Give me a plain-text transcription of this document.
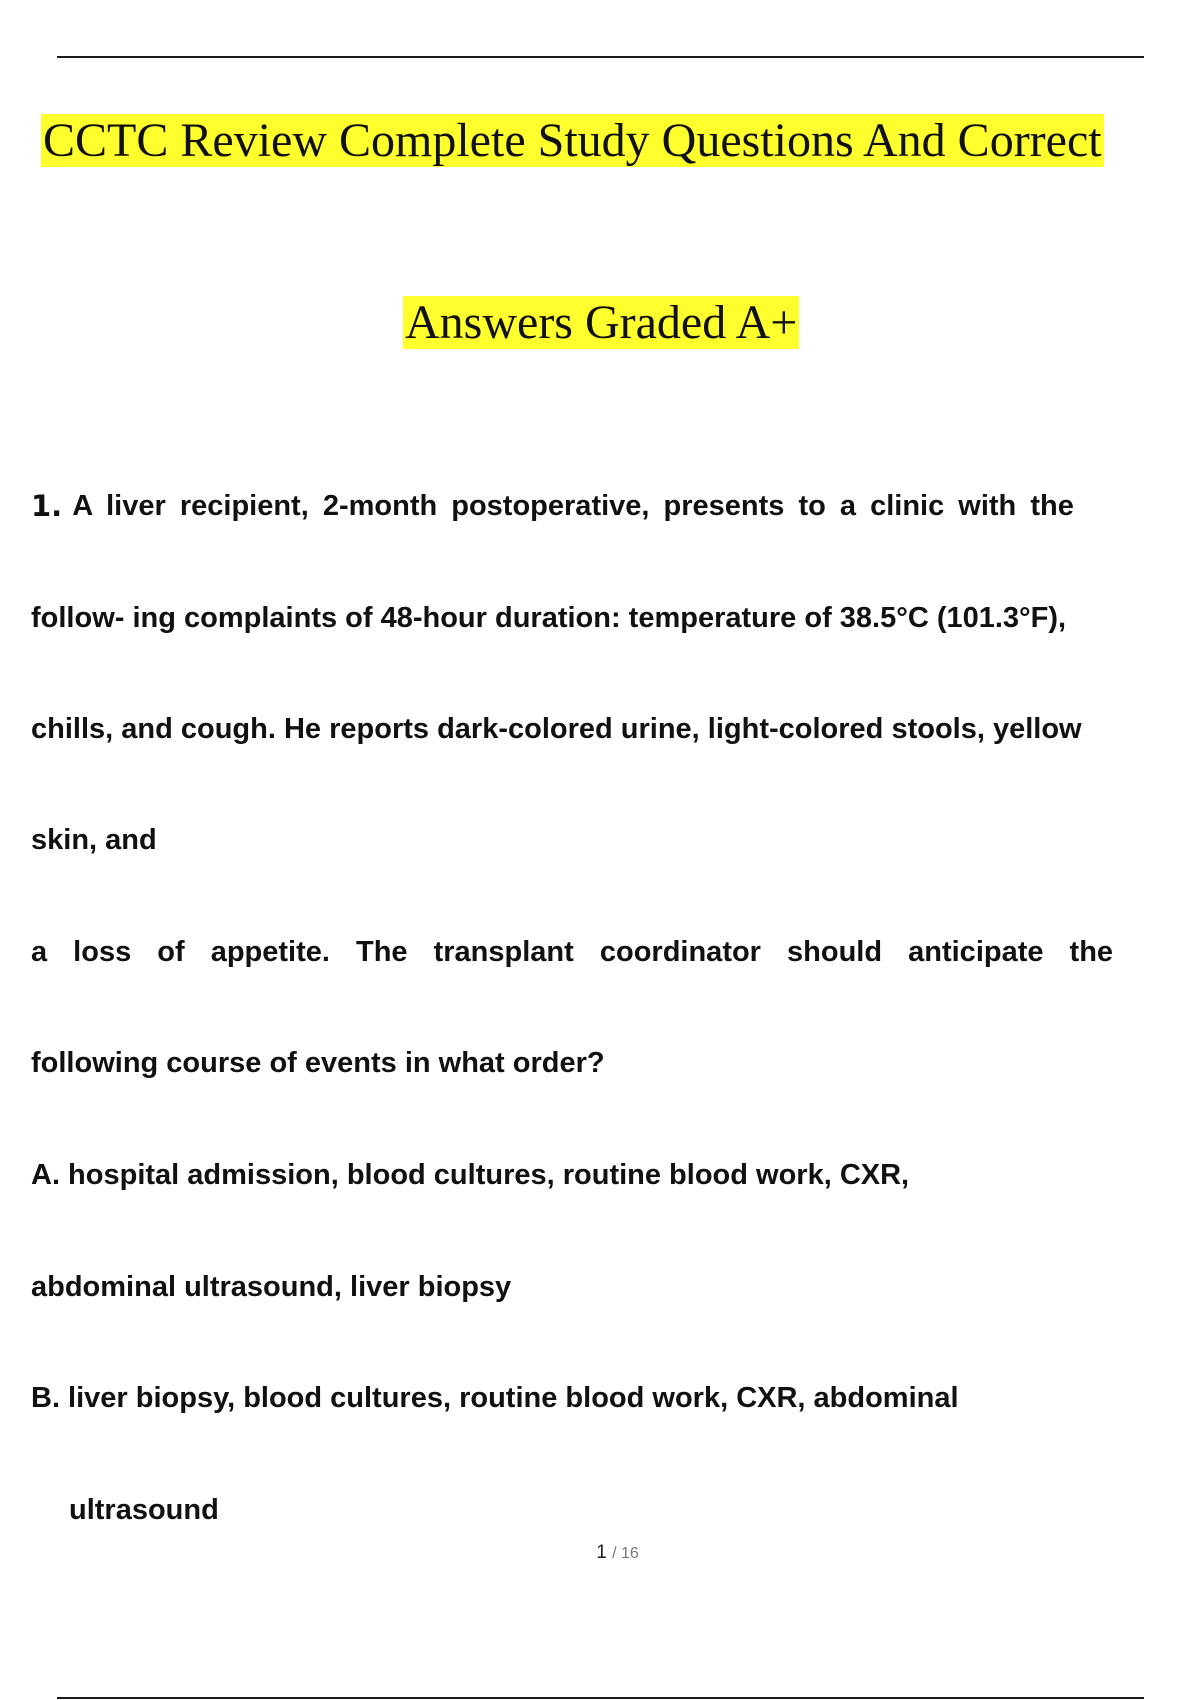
CCTC Review Complete Study Questions And Correct
Answers Graded A+
1. A liver recipient, 2-month postoperative, presents to a clinic with the
follow- ing complaints of 48-hour duration: temperature of 38.5°C (101.3°F),
chills, and cough. He reports dark-colored urine, light-colored stools, yellow
skin, and
a loss of appetite. The transplant coordinator should anticipate the
following course of events in what order?
A. hospital admission, blood cultures, routine blood work, CXR,
abdominal ultrasound, liver biopsy
B. liver biopsy, blood cultures, routine blood work, CXR, abdominal
ultrasound
1 / 16
